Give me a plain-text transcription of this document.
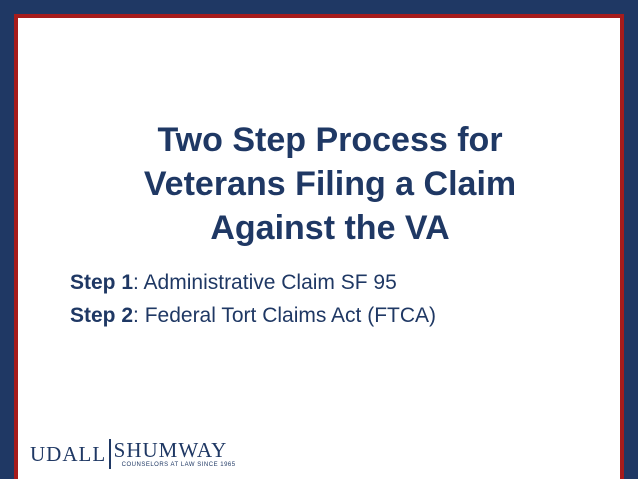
Two Step Process for
Veterans Filing a Claim
Against the VA
Step 1: Administrative Claim SF 95
Step 2: Federal Tort Claims Act (FTCA)
UDALL SHUMWAY
COUNSELORS AT LAW SINCE 1965
